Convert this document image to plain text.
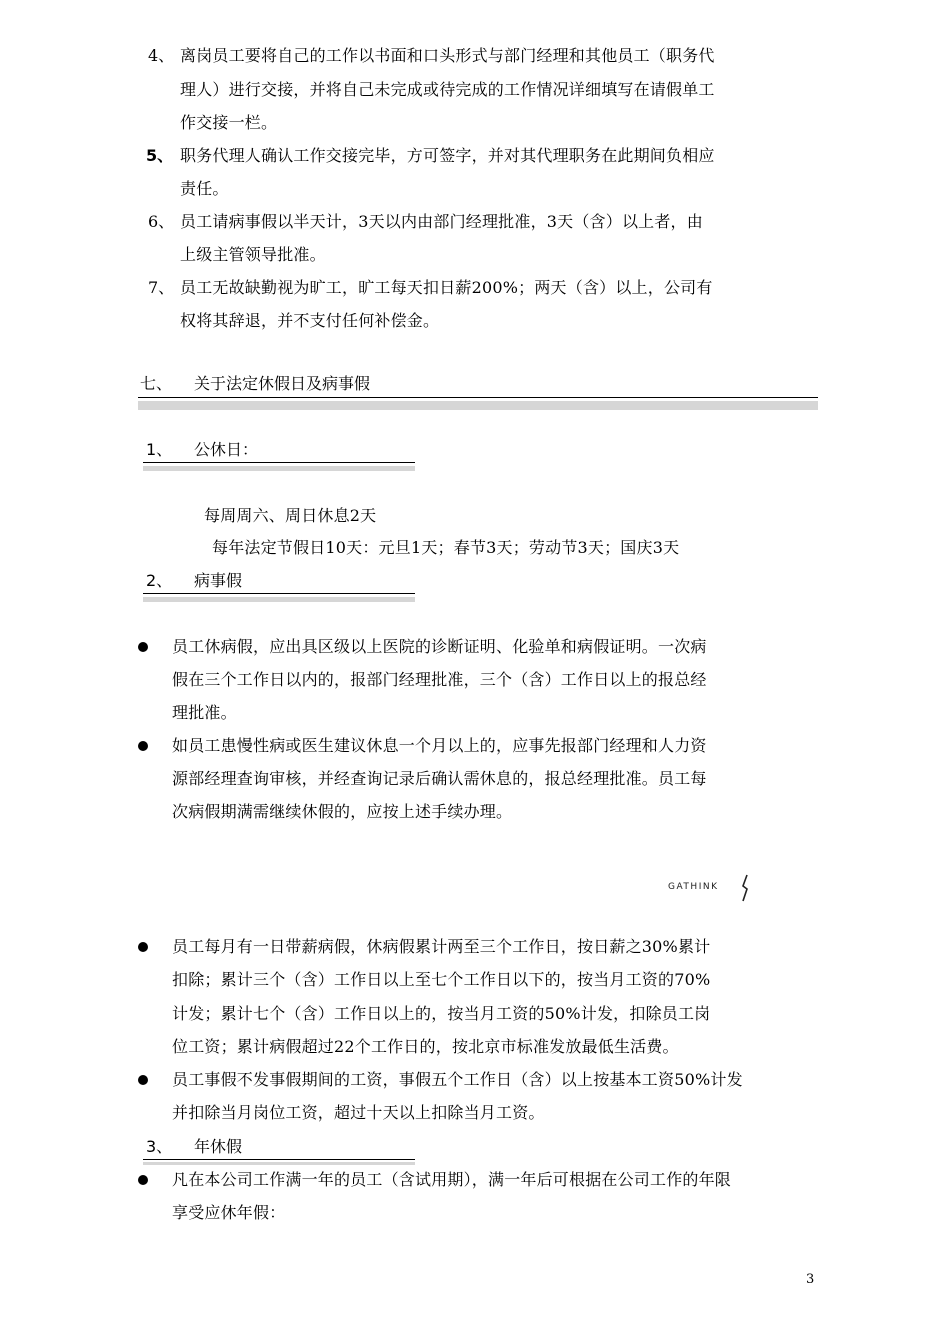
4、 离岗员工要将自己的工作以书面和口头形式与部门经理和其他员工（职务代
理人）进行交接，并将自己未完成或待完成的工作情况详细填写在请假单工
作交接一栏。
5、 职务代理人确认工作交接完毕，方可签字，并对其代理职务在此期间负相应
责任。
6、 员工请病事假以半天计，3天以内由部门经理批准，3天（含）以上者，由
上级主管领导批准。
7、 员工无故缺勤视为旷工，旷工每天扣日薪200%；两天（含）以上，公司有
权将其辞退，并不支付任何补偿金。
七、 关于法定休假日及病事假
1、 公休日：
每周周六、周日休息2天
每年法定节假日10天：元旦1天；春节3天；劳动节3天；国庆3天
2、 病事假
员工休病假，应出具区级以上医院的诊断证明、化验单和病假证明。一次病
假在三个工作日以内的，报部门经理批准，三个（含）工作日以上的报总经
理批准。
如员工患慢性病或医生建议休息一个月以上的，应事先报部门经理和人力资
源部经理查询审核，并经查询记录后确认需休息的，报总经理批准。员工每
次病假期满需继续休假的，应按上述手续办理。
GATHINK
员工每月有一日带薪病假，休病假累计两至三个工作日，按日薪之30%累计
扣除；累计三个（含）工作日以上至七个工作日以下的，按当月工资的70%
计发；累计七个（含）工作日以上的，按当月工资的50%计发，扣除员工岗
位工资；累计病假超过22个工作日的，按北京市标准发放最低生活费。
员工事假不发事假期间的工资，事假五个工作日（含）以上按基本工资50%计发
并扣除当月岗位工资，超过十天以上扣除当月工资。
3、 年休假
凡在本公司工作满一年的员工（含试用期），满一年后可根据在公司工作的年限
享受应休年假：
3
